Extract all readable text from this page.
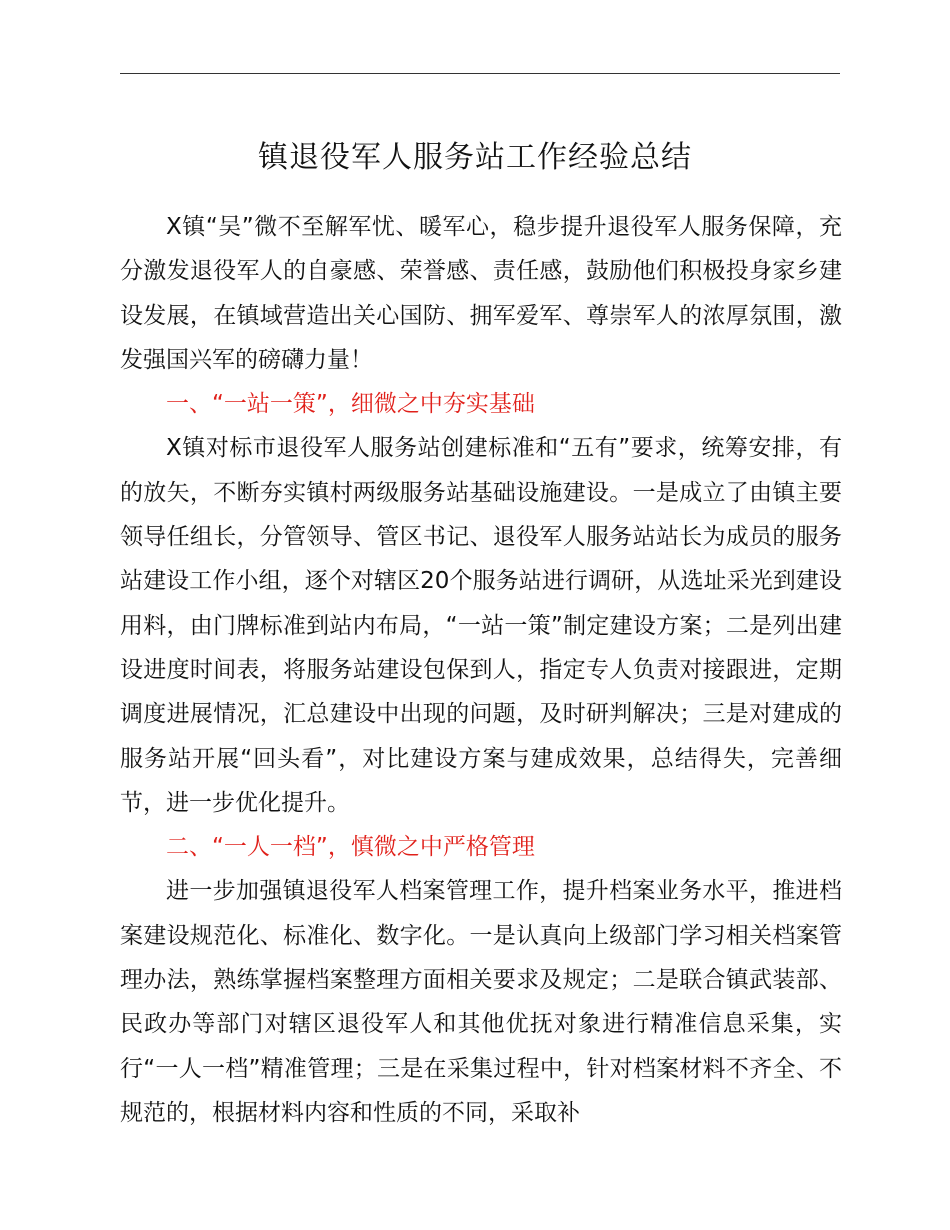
镇退役军人服务站工作经验总结

X镇“吴”微不至解军忧、暖军心，稳步提升退役军人服务保障，充分激发退役军人的自豪感、荣誉感、责任感，鼓励他们积极投身家乡建设发展，在镇域营造出关心国防、拥军爱军、尊崇军人的浓厚氛围，激发强国兴军的磅礴力量！

一、“一站一策”，细微之中夯实基础

X镇对标市退役军人服务站创建标准和“五有”要求，统筹安排，有的放矢，不断夯实镇村两级服务站基础设施建设。一是成立了由镇主要领导任组长，分管领导、管区书记、退役军人服务站站长为成员的服务站建设工作小组，逐个对辖区20个服务站进行调研，从选址采光到建设用料，由门牌标准到站内布局，“一站一策”制定建设方案；二是列出建设进度时间表，将服务站建设包保到人，指定专人负责对接跟进，定期调度进展情况，汇总建设中出现的问题，及时研判解决；三是对建成的服务站开展“回头看”，对比建设方案与建成效果，总结得失，完善细节，进一步优化提升。

二、“一人一档”，慎微之中严格管理

进一步加强镇退役军人档案管理工作，提升档案业务水平，推进档案建设规范化、标准化、数字化。一是认真向上级部门学习相关档案管理办法，熟练掌握档案整理方面相关要求及规定；二是联合镇武装部、民政办等部门对辖区退役军人和其他优抚对象进行精准信息采集，实行“一人一档”精准管理；三是在采集过程中，针对档案材料不齐全、不规范的，根据材料内容和性质的不同，采取补
